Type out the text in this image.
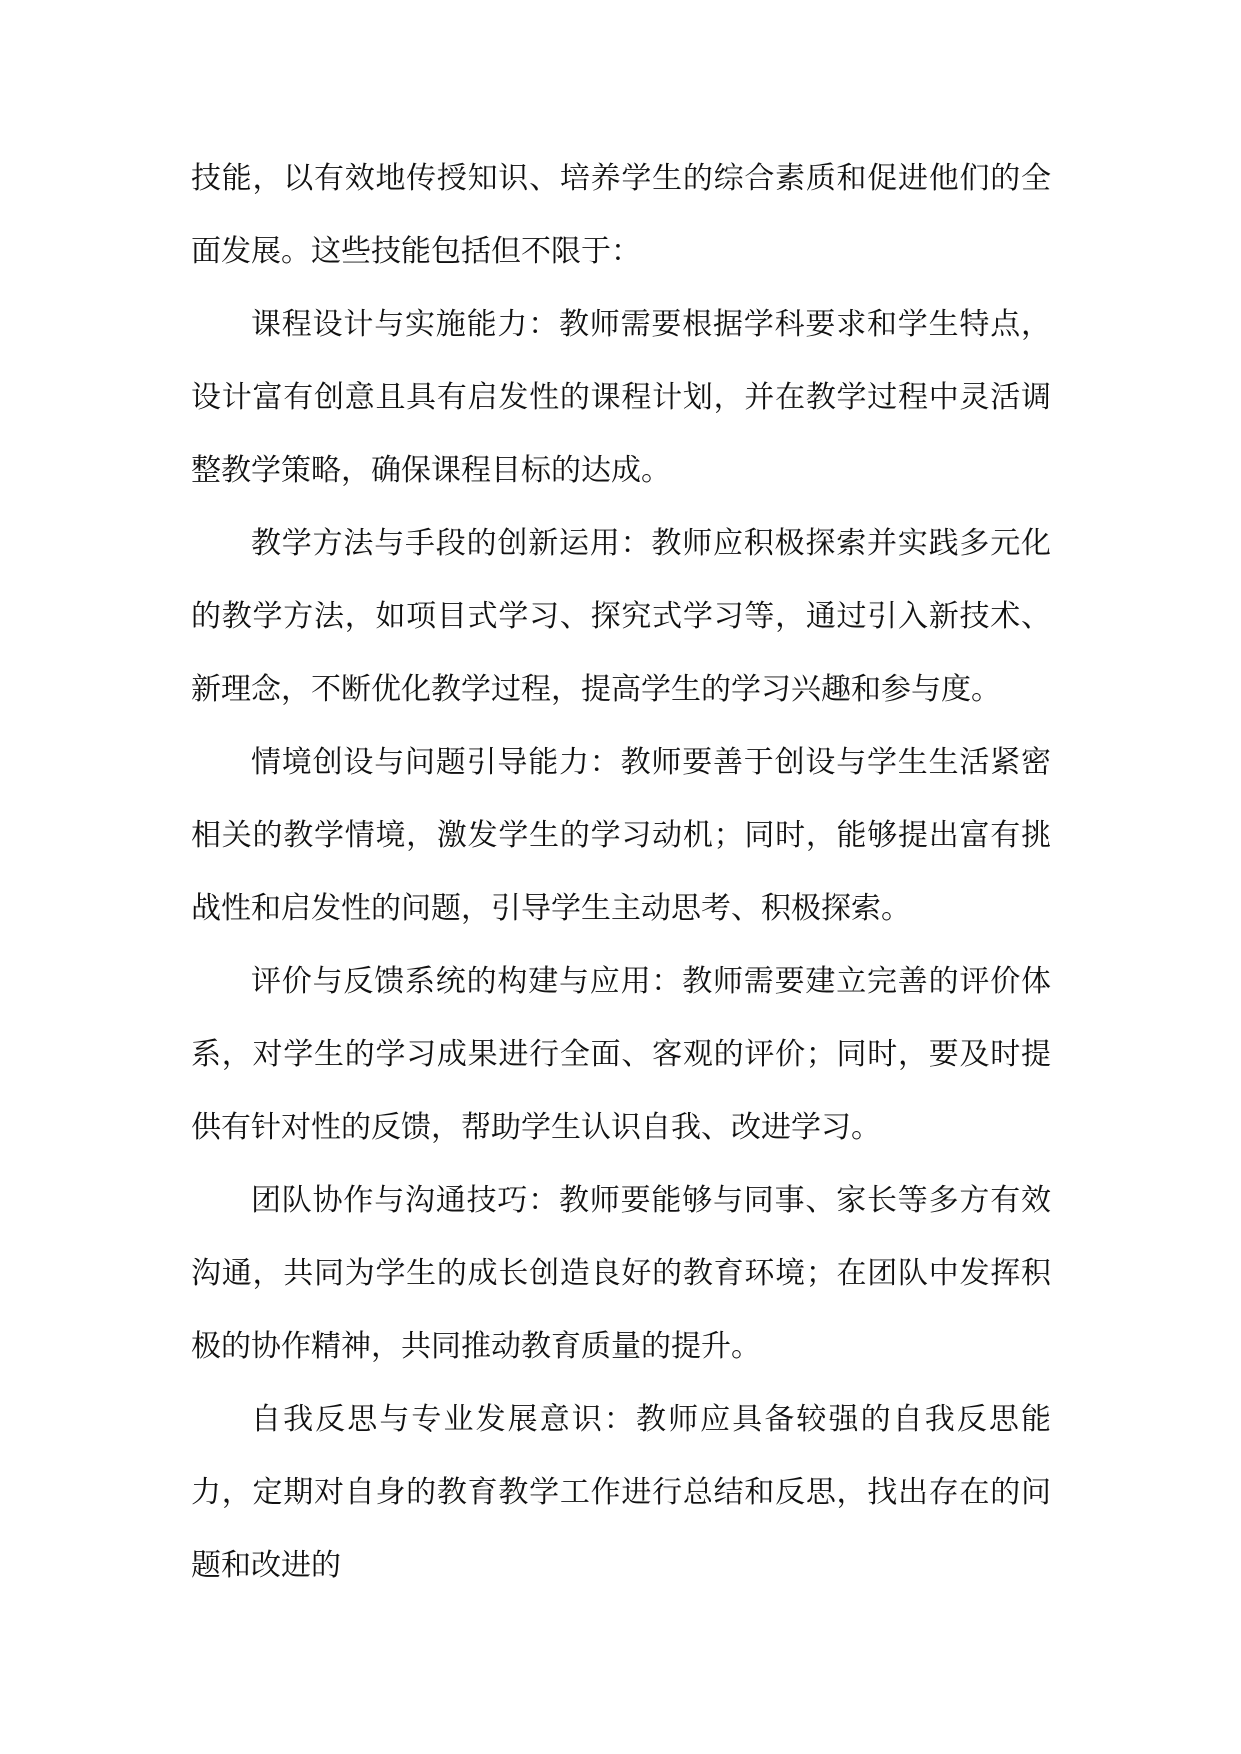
技能，以有效地传授知识、培养学生的综合素质和促进他们的全面发展。这些技能包括但不限于：

课程设计与实施能力：教师需要根据学科要求和学生特点，设计富有创意且具有启发性的课程计划，并在教学过程中灵活调整教学策略，确保课程目标的达成。

教学方法与手段的创新运用：教师应积极探索并实践多元化的教学方法，如项目式学习、探究式学习等，通过引入新技术、新理念，不断优化教学过程，提高学生的学习兴趣和参与度。

情境创设与问题引导能力：教师要善于创设与学生生活紧密相关的教学情境，激发学生的学习动机；同时，能够提出富有挑战性和启发性的问题，引导学生主动思考、积极探索。

评价与反馈系统的构建与应用：教师需要建立完善的评价体系，对学生的学习成果进行全面、客观的评价；同时，要及时提供有针对性的反馈，帮助学生认识自我、改进学习。

团队协作与沟通技巧：教师要能够与同事、家长等多方有效沟通，共同为学生的成长创造良好的教育环境；在团队中发挥积极的协作精神，共同推动教育质量的提升。

自我反思与专业发展意识：教师应具备较强的自我反思能力，定期对自身的教育教学工作进行总结和反思，找出存在的问题和改进的
